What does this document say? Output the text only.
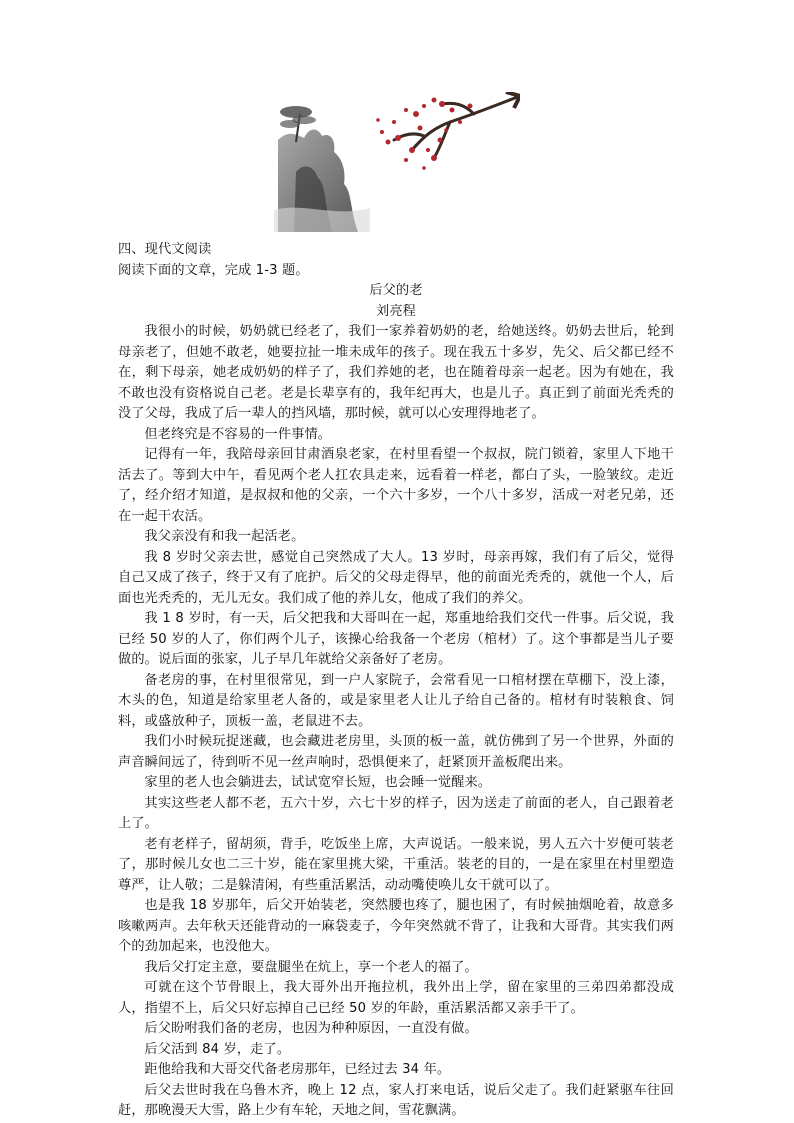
四、现代文阅读

阅读下面的文章，完成 1-3 题。

后父的老

刘亮程

我很小的时候，奶奶就已经老了，我们一家养着奶奶的老，给她送终。奶奶去世后，轮到母亲老了，但她不敢老，她要拉扯一堆未成年的孩子。现在我五十多岁，先父、后父都已经不在，剩下母亲，她老成奶奶的样子了，我们养她的老，也在随着母亲一起老。因为有她在，我不敢也没有资格说自己老。老是长辈享有的，我年纪再大，也是儿子。真正到了前面光秃秃的没了父母，我成了后一辈人的挡风墙，那时候，就可以心安理得地老了。

但老终究是不容易的一件事情。

记得有一年，我陪母亲回甘肃酒泉老家，在村里看望一个叔叔，院门锁着，家里人下地干活去了。等到大中午，看见两个老人扛农具走来，远看着一样老，都白了头，一脸皱纹。走近了，经介绍才知道，是叔叔和他的父亲，一个六十多岁，一个八十多岁，活成一对老兄弟，还在一起干农活。

我父亲没有和我一起活老。

我 8 岁时父亲去世，感觉自己突然成了大人。13 岁时，母亲再嫁，我们有了后父，觉得自己又成了孩子，终于又有了庇护。后父的父母走得早，他的前面光秃秃的，就他一个人，后面也光秃秃的，无儿无女。我们成了他的养儿女，他成了我们的养父。

我 1 8 岁时，有一天，后父把我和大哥叫在一起，郑重地给我们交代一件事。后父说，我已经 50 岁的人了，你们两个儿子，该操心给我备一个老房（棺材）了。这个事都是当儿子要做的。说后面的张家，儿子早几年就给父亲备好了老房。

备老房的事，在村里很常见，到一户人家院子，会常看见一口棺材摆在草棚下，没上漆，木头的色，知道是给家里老人备的，或是家里老人让儿子给自己备的。棺材有时装粮食、饲料，或盛放种子，顶板一盖，老鼠进不去。

我们小时候玩捉迷藏，也会藏进老房里，头顶的板一盖，就仿佛到了另一个世界，外面的声音瞬间远了，待到听不见一丝声响时，恐惧便来了，赶紧顶开盖板爬出来。

家里的老人也会躺进去，试试宽窄长短，也会睡一觉醒来。

其实这些老人都不老，五六十岁，六七十岁的样子，因为送走了前面的老人，自己跟着老上了。

老有老样子，留胡须，背手，吃饭坐上席，大声说话。一般来说，男人五六十岁便可装老了，那时候儿女也二三十岁，能在家里挑大梁，干重活。装老的目的，一是在家里在村里塑造尊严，让人敬；二是躲清闲，有些重活累活，动动嘴使唤儿女干就可以了。

也是我 18 岁那年，后父开始装老，突然腰也疼了，腿也困了，有时候抽烟呛着，故意多咳嗽两声。去年秋天还能背动的一麻袋麦子，今年突然就不背了，让我和大哥背。其实我们两个的劲加起来，也没他大。

我后父打定主意，要盘腿坐在炕上，享一个老人的福了。

可就在这个节骨眼上，我大哥外出开拖拉机，我外出上学，留在家里的三弟四弟都没成人，指望不上，后父只好忘掉自己已经 50 岁的年龄，重活累活都又亲手干了。

后父盼咐我们备的老房，也因为种种原因，一直没有做。

后父活到 84 岁，走了。

距他给我和大哥交代备老房那年，已经过去 34 年。

后父去世时我在乌鲁木齐，晚上 12 点，家人打来电话，说后父走了。我们赶紧驱车往回赶，那晚漫天大雪，路上少有车轮，天地之间，雪花飘满。
